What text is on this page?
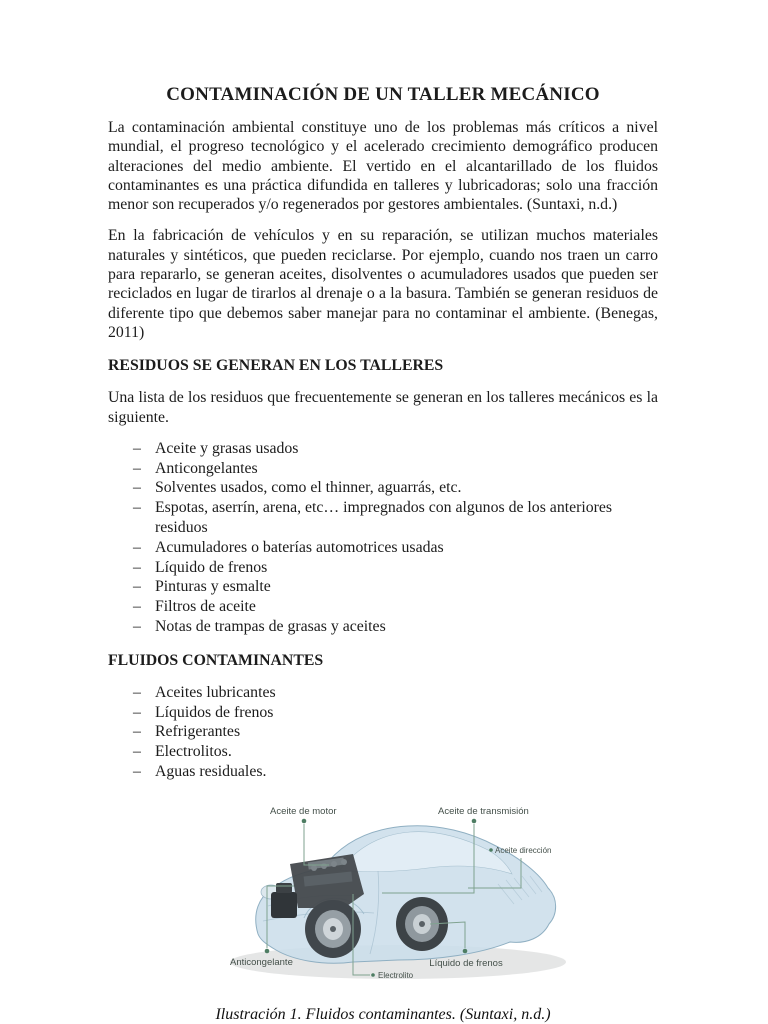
CONTAMINACIÓN DE UN TALLER MECÁNICO

La contaminación ambiental constituye uno de los problemas más críticos a nivel mundial, el progreso tecnológico y el acelerado crecimiento demográfico producen alteraciones del medio ambiente. El vertido en el alcantarillado de los fluidos contaminantes es una práctica difundida en talleres y lubricadoras; solo una fracción menor son recuperados y/o regenerados por gestores ambientales. (Suntaxi, n.d.)

En la fabricación de vehículos y en su reparación, se utilizan muchos materiales naturales y sintéticos, que pueden reciclarse. Por ejemplo, cuando nos traen un carro para repararlo, se generan aceites, disolventes o acumuladores usados que pueden ser reciclados en lugar de tirarlos al drenaje o a la basura. También se generan residuos de diferente tipo que debemos saber manejar para no contaminar el ambiente. (Benegas, 2011)

RESIDUOS SE GENERAN EN LOS TALLERES

Una lista de los residuos que frecuentemente se generan en los talleres mecánicos es la siguiente.

– Aceite y grasas usados
– Anticongelantes
– Solventes usados, como el thinner, aguarrás, etc.
– Espotas, aserrín, arena, etc… impregnados con algunos de los anteriores residuos
– Acumuladores o baterías automotrices usadas
– Líquido de frenos
– Pinturas y esmalte
– Filtros de aceite
– Notas de trampas de grasas y aceites
FLUIDOS CONTAMINANTES
– Aceites lubricantes
– Líquidos de frenos
– Refrigerantes
– Electrolitos.
– Aguas residuales.
Aceite de motor	Aceite de transmisión
Aceite dirección
Anticongelante
Electrolito
Líquido de frenos
Ilustración 1. Fluidos contaminantes. (Suntaxi, n.d.)
